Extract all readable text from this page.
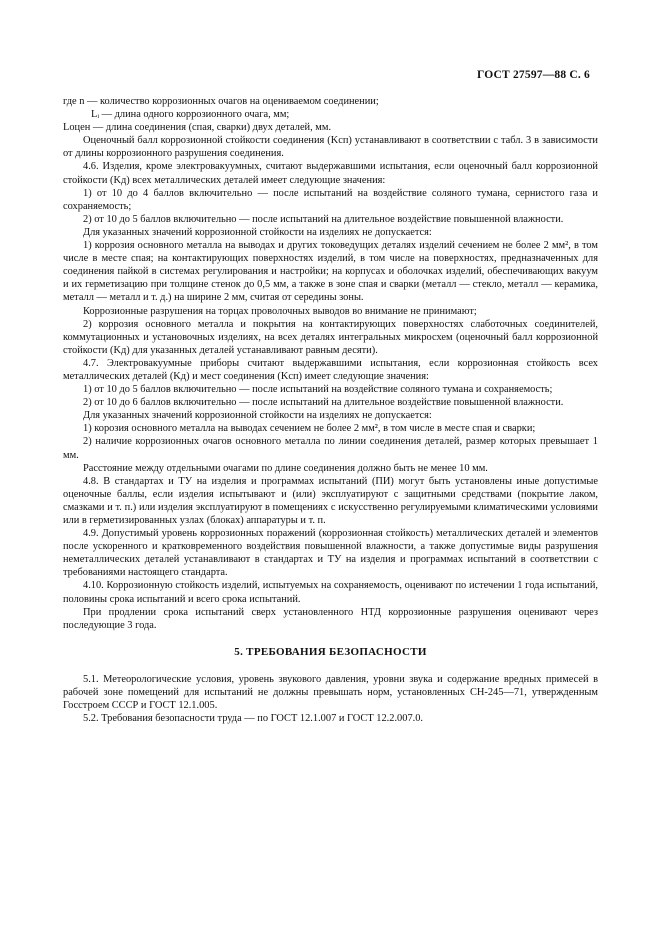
ГОСТ 27597—88 С. 6

где n — количество коррозионных очагов на оцениваемом соединении;

Lᵢ — длина одного коррозионного очага, мм;

Lоцен — длина соединения (спая, сварки) двух деталей, мм.

Оценочный балл коррозионной стойкости соединения (Kсп) устанавливают в соответствии с табл. 3 в зависимости от длины коррозионного разрушения соединения.

4.6. Изделия, кроме электровакуумных, считают выдержавшими испытания, если оценочный балл коррозионной стойкости (Kд) всех металлических деталей имеет следующие значения:

1) от 10 до 4 баллов включительно — после испытаний на воздействие соляного тумана, сернистого газа и сохраняемость;

2) от 10 до 5 баллов включительно — после испытаний на длительное воздействие повышенной влажности.

Для указанных значений коррозионной стойкости на изделиях не допускается:

1) коррозия основного металла на выводах и других токоведущих деталях изделий сечением не более 2 мм², в том числе в месте спая; на контактирующих поверхностях изделий, в том числе на поверхностях, предназначенных для соединения пайкой в системах регулирования и настройки; на корпусах и оболочках изделий, обеспечивающих вакуум и их герметизацию при толщине стенок до 0,5 мм, а также в зоне спая и сварки (металл — стекло, металл — керамика, металл — металл и т. д.) на ширине 2 мм, считая от середины зоны.

Коррозионные разрушения на торцах проволочных выводов во внимание не принимают;

2) коррозия основного металла и покрытия на контактирующих поверхностях слаботочных соединителей, коммутационных и установочных изделиях, на всех деталях интегральных микросхем (оценочный балл коррозионной стойкости (Kд) для указанных деталей устанавливают равным десяти).

4.7. Электровакуумные приборы считают выдержавшими испытания, если коррозионная стойкость всех металлических деталей (Kд) и мест соединения (Kсп) имеет следующие значения:

1) от 10 до 5 баллов включительно — после испытаний на воздействие соляного тумана и сохраняемость;

2) от 10 до 6 баллов включительно — после испытаний на длительное воздействие повышенной влажности.

Для указанных значений коррозионной стойкости на изделиях не допускается:

1) корозия основного металла на выводах сечением не более 2 мм², в том числе в месте спая и сварки;

2) наличие коррозионных очагов основного металла по линии соединения деталей, размер которых превышает 1 мм.

Расстояние между отдельными очагами по длине соединения должно быть не менее 10 мм.

4.8. В стандартах и ТУ на изделия и программах испытаний (ПИ) могут быть установлены иные допустимые оценочные баллы, если изделия испытывают и (или) эксплуатируют с защитными средствами (покрытие лаком, смазками и т. п.) или изделия эксплуатируют в помещениях с искусственно регулируемыми климатическими условиями или в герметизированных узлах (блоках) аппаратуры и т. п.

4.9. Допустимый уровень коррозионных поражений (коррозионная стойкость) металлических деталей и элементов после ускоренного и кратковременного воздействия повышенной влажности, а также допустимые виды разрушения неметаллических деталей устанавливают в стандартах и ТУ на изделия и программах испытаний в соответствии с требованиями настоящего стандарта.

4.10. Коррозионную стойкость изделий, испытуемых на сохраняемость, оценивают по истечении 1 года испытаний, половины срока испытаний и всего срока испытаний.

При продлении срока испытаний сверх установленного НТД коррозионные разрушения оценивают через последующие 3 года.

5. ТРЕБОВАНИЯ БЕЗОПАСНОСТИ

5.1. Метеорологические условия, уровень звукового давления, уровни звука и содержание вредных примесей в рабочей зоне помещений для испытаний не должны превышать норм, установленных СН-245—71, утвержденным Госстроем СССР и ГОСТ 12.1.005.

5.2. Требования безопасности труда — по ГОСТ 12.1.007 и ГОСТ 12.2.007.0.
